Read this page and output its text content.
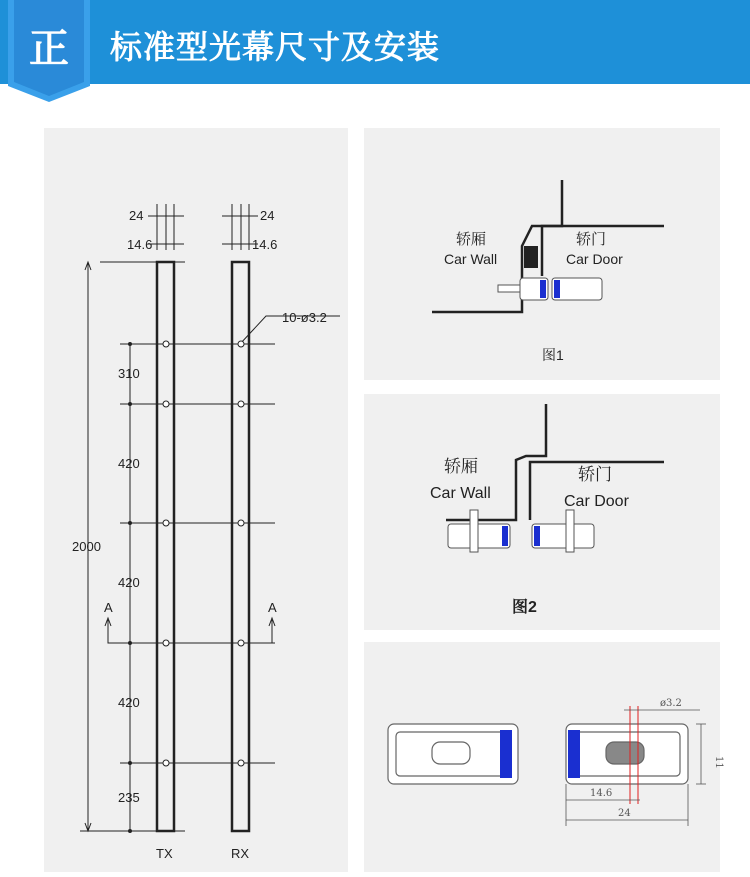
正 标准型光幕尺寸及安装
24	24
14.6	14.6
10-ø3.2
2000
310
420
420
420
235
A	A
TX	RX
轿厢
Car Wall
轿门
Car Door
图1
轿厢
Car Wall
轿门
Car Door
图2
ø3.2
11
14.6
24
